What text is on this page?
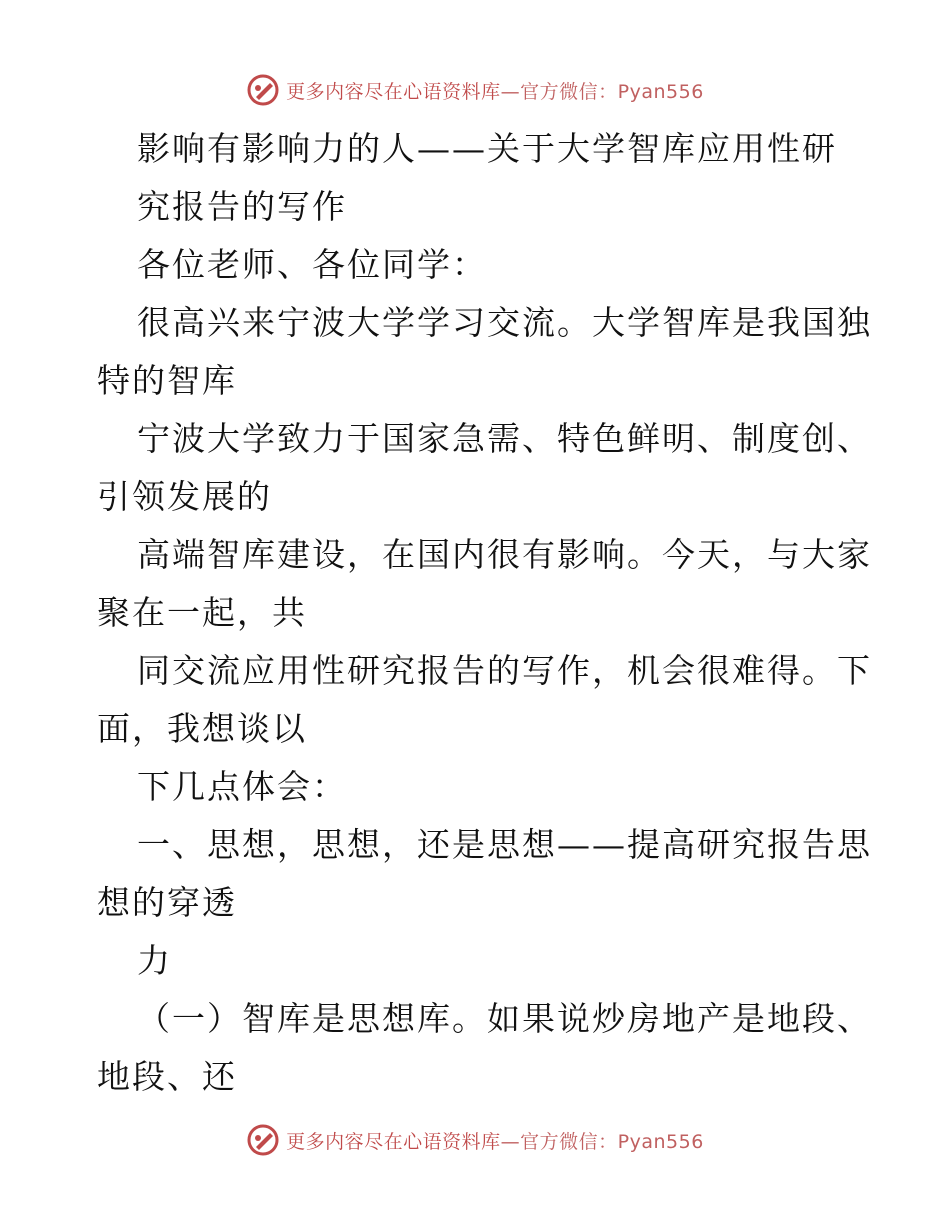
更多内容尽在心语资料库—官方微信：Pyan556
影响有影响力的人——关于大学智库应用性研
究报告的写作
各位老师、各位同学：
很高兴来宁波大学学习交流。大学智库是我国独
特的智库
宁波大学致力于国家急需、特色鲜明、制度创、
引领发展的
高端智库建设，在国内很有影响。今天，与大家
聚在一起，共
同交流应用性研究报告的写作，机会很难得。下
面，我想谈以
下几点体会：
一、思想，思想，还是思想——提高研究报告思
想的穿透
力
（一）智库是思想库。如果说炒房地产是地段、
地段、还
更多内容尽在心语资料库—官方微信：Pyan556
